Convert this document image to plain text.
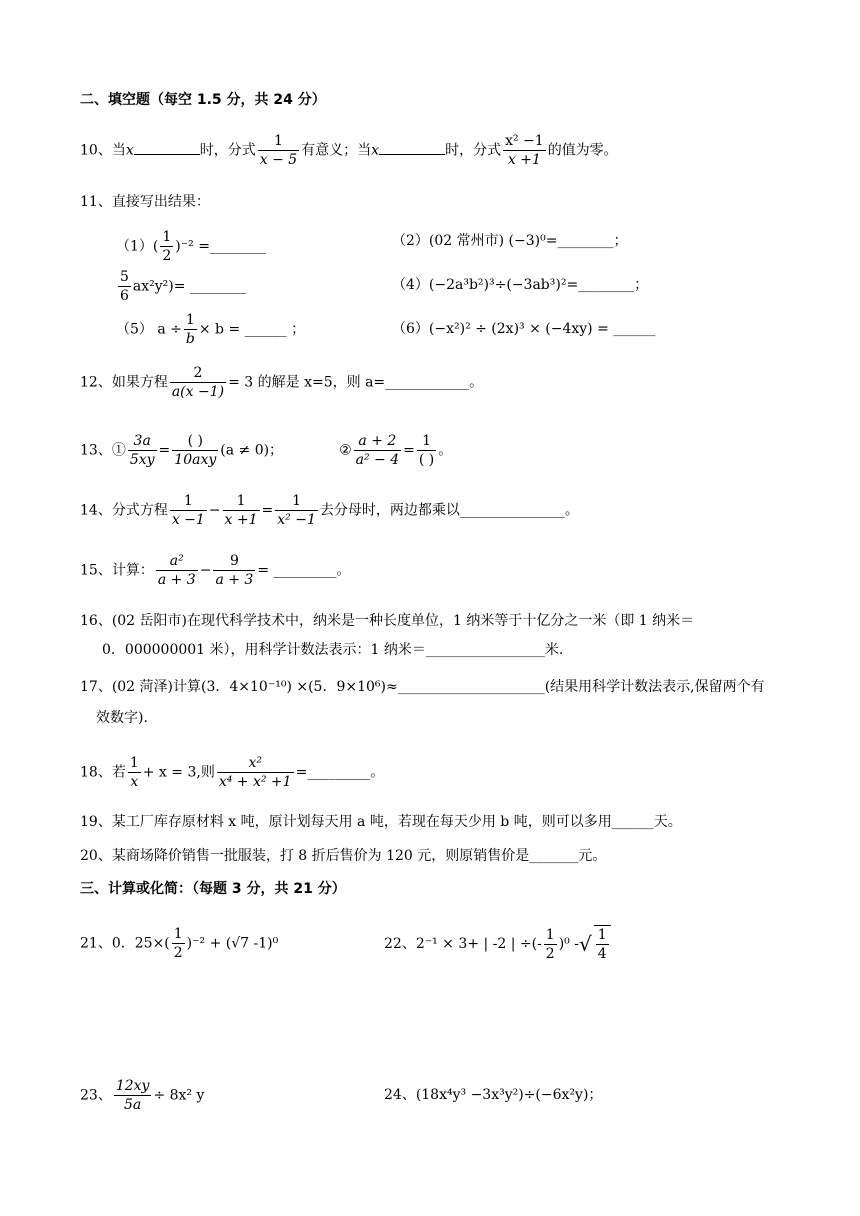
二、填空题（每空 1.5 分，共 24 分）
10、当x	时，分式 $\frac{1}{x - 5}$ 有意义；当x	时，分式 $\frac{\text{x² −1}}{x +1}$ 的值为零。
11、直接写出结果：
$(1)( \frac{1}{2} )^{-2}$ =________	（2）(02 常州市) (−3)⁰=________；
$\frac{5}{6} ax^2y^2)=$ ________	（4）(−2a³b²)³÷(−3ab³)²=________；
（5） $a \div \frac{1}{b} \times b$ = ______ ；	（6）(−x²)² ÷ (2x)³ × (−4xy) = ______
12、如果方程 $\frac{2}{a(x -1)} = 3$ 的解是 x=5，则 a=____________。
13、① $\frac{3a}{5xy}$ =
( )
10axy
(a ≠ 0)；	② $\frac{a + 2}{\text{a² − 4}}$ =
1
( )
。
14、分式方程 $\frac{1}{x -1} - \frac{1}{x +1} = \frac{1}{\text{x² −1}}$ 去分母时，两边都乘以_______________。
15、计算： $\frac{\text{a²}}{a + 3} - \frac{9}{a + 3}$ = _________。
16、(02 岳阳市)在现代科学技术中，纳米是一种长度单位，1 纳米等于十亿分之一米（即 1 纳米＝
0．000000001 米），用科学计数法表示：1 纳米＝_________________米.
17、(02 菏泽)计算(3．4×10⁻¹⁰) ×(5．9×10⁶)≈_____________________(结果用科学计数法表示,保留两个有
效数字).
18、若 $\frac{1}{x} + x = 3$,则 $\frac{\text{x²}}{\text{x⁴ + x² +1}}$ =_________。
19、某工厂库存原材料 x 吨，原计划每天用 a 吨，若现在每天少用 b 吨，则可以多用______天。
20、某商场降价销售一批服装，打 8 折后售价为 120 元，则原销售价是_______元。
三、计算或化简：（每题 3 分，共 21 分）
21、0．$25\times( \frac{1}{2} )^{-2} + (√7$ -1)⁰	22、2⁻¹ × 3+ | -2 | ÷(- $\frac{1}{2} )^0$ -√ $\frac{1}{4}$
23、 $\frac{12xy}{5a} \div 8x^2$ y	24、(18x⁴y³ −3x³y²)÷(−6x²y)；
